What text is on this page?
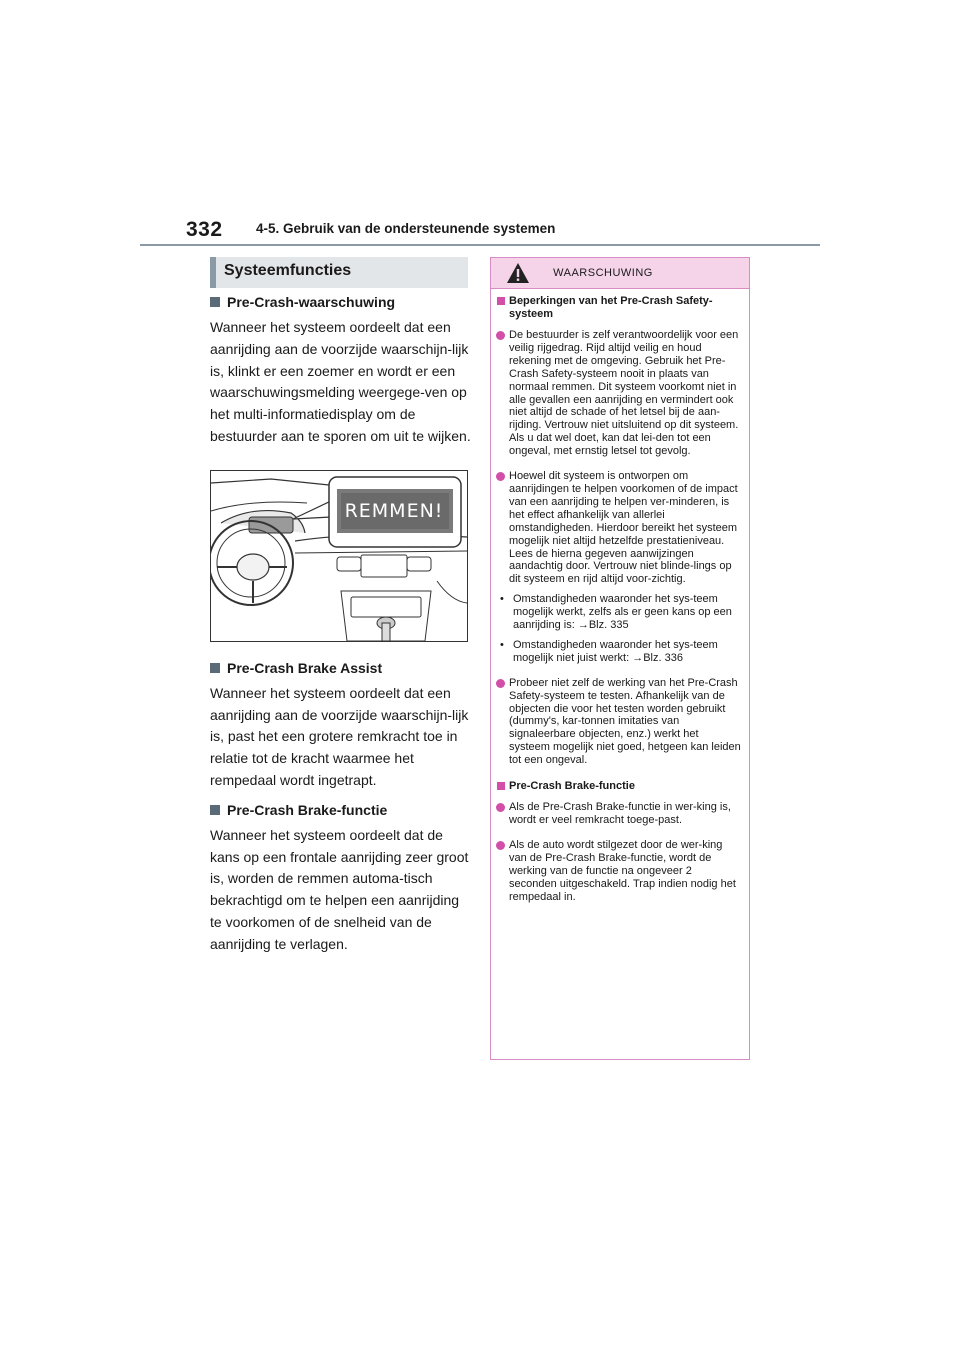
332 4-5. Gebruik van de ondersteunende systemen
Systeemfuncties
Pre-Crash-waarschuwing

Wanneer het systeem oordeelt dat een aanrijding aan de voorzijde waarschijn-lijk is, klinkt er een zoemer en wordt er een waarschuwingsmelding weergege-ven op het multi-informatiedisplay om de bestuurder aan te sporen om uit te wijken.

Pre-Crash Brake Assist

Wanneer het systeem oordeelt dat een aanrijding aan de voorzijde waarschijn-lijk is, past het een grotere remkracht toe in relatie tot de kracht waarmee het rempedaal wordt ingetrapt.

Pre-Crash Brake-functie

Wanneer het systeem oordeelt dat de kans op een frontale aanrijding zeer groot is, worden de remmen automa-tisch bekrachtigd om te helpen een aanrijding te voorkomen of de snelheid van de aanrijding te verlagen.

REMMEN!
WAARSCHUWING
Beperkingen van het Pre-Crash Safety-systeem
De bestuurder is zelf verantwoordelijk voor een veilig rijgedrag. Rijd altijd veilig en houd rekening met de omgeving. Gebruik het Pre-Crash Safety-systeem nooit in plaats van normaal remmen. Dit systeem voorkomt niet in alle gevallen een aanrijding en vermindert ook niet altijd de schade of het letsel bij de aan-rijding. Vertrouw niet uitsluitend op dit systeem. Als u dat wel doet, kan dat lei-den tot een ongeval, met ernstig letsel tot gevolg.
Hoewel dit systeem is ontworpen om aanrijdingen te helpen voorkomen of de impact van een aanrijding te helpen ver-minderen, is het effect afhankelijk van allerlei omstandigheden. Hierdoor bereikt het systeem mogelijk niet altijd hetzelfde prestatieniveau.
Lees de hierna gegeven aanwijzingen aandachtig door. Vertrouw niet blinde-lings op dit systeem en rijd altijd voor-zichtig.
• Omstandigheden waaronder het sys-teem mogelijk werkt, zelfs als er geen kans op een aanrijding is: →Blz. 335
• Omstandigheden waaronder het sys-teem mogelijk niet juist werkt: →Blz. 336
Probeer niet zelf de werking van het Pre-Crash Safety-systeem te testen. Afhankelijk van de objecten die voor het testen worden gebruikt (dummy's, kar-tonnen imitaties van signaleerbare objecten, enz.) werkt het systeem mogelijk niet goed, hetgeen kan leiden tot een ongeval.
Pre-Crash Brake-functie
Als de Pre-Crash Brake-functie in wer-king is, wordt er veel remkracht toege-past.
Als de auto wordt stilgezet door de wer-king van de Pre-Crash Brake-functie, wordt de werking van de functie na ongeveer 2 seconden uitgeschakeld. Trap indien nodig het rempedaal in.
